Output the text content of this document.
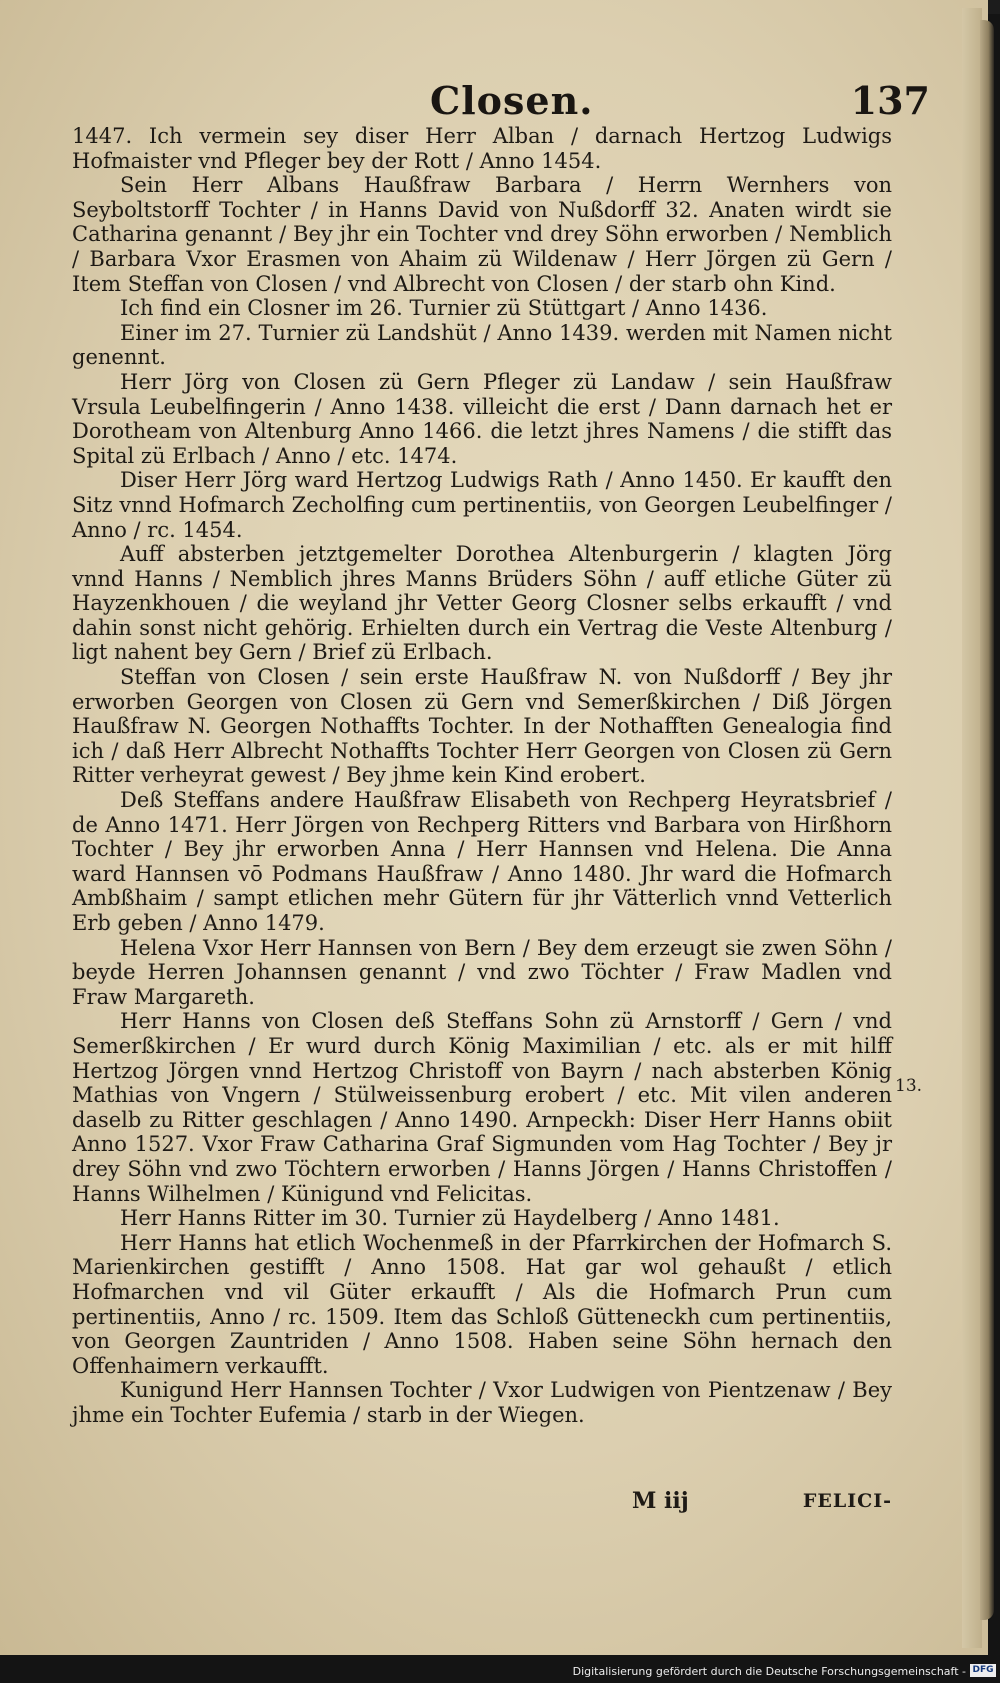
Closen.	137

1447. Ich vermein sey diser Herr Alban / darnach Hertzog Ludwigs Hofmaister vnd Pfleger bey der Rott / Anno 1454.

Sein Herr Albans Haußfraw Barbara / Herrn Wernhers von Seyboltstorff Tochter / in Hanns David von Nußdorff 32. Anaten wirdt sie Catharina genannt / Bey jhr ein Tochter vnd drey Söhn erworben / Nemblich / Barbara Vxor Erasmen von Ahaim zü Wildenaw / Herr Jörgen zü Gern / Item Steffan von Closen / vnd Albrecht von Closen / der starb ohn Kind.

Ich find ein Closner im 26. Turnier zü Stüttgart / Anno 1436.

Einer im 27. Turnier zü Landshüt / Anno 1439. werden mit Namen nicht genennt.

Herr Jörg von Closen zü Gern Pfleger zü Landaw / sein Haußfraw Vrsula Leubelfingerin / Anno 1438. villeicht die erst / Dann darnach het er Dorotheam von Altenburg Anno 1466. die letzt jhres Namens / die stifft das Spital zü Erlbach / Anno / etc. 1474.

Diser Herr Jörg ward Hertzog Ludwigs Rath / Anno 1450. Er kaufft den Sitz vnnd Hofmarch Zecholfing cum pertinentiis, von Georgen Leubelfinger / Anno / rc. 1454.

Auff absterben jetztgemelter Dorothea Altenburgerin / klagten Jörg vnnd Hanns / Nemblich jhres Manns Brüders Söhn / auff etliche Güter zü Hayzenkhouen / die weyland jhr Vetter Georg Closner selbs erkaufft / vnd dahin sonst nicht gehörig. Erhielten durch ein Vertrag die Veste Altenburg / ligt nahent bey Gern / Brief zü Erlbach.

Steffan von Closen / sein erste Haußfraw N. von Nußdorff / Bey jhr erworben Georgen von Closen zü Gern vnd Semerßkirchen / Diß Jörgen Haußfraw N. Georgen Nothaffts Tochter. In der Nothafften Genealogia find ich / daß Herr Albrecht Nothaffts Tochter Herr Georgen von Closen zü Gern Ritter verheyrat gewest / Bey jhme kein Kind erobert.

Deß Steffans andere Haußfraw Elisabeth von Rechperg Heyratsbrief / de Anno 1471. Herr Jörgen von Rechperg Ritters vnd Barbara von Hirßhorn Tochter / Bey jhr erworben Anna / Herr Hannsen vnd Helena. Die Anna ward Hannsen vō Podmans Haußfraw / Anno 1480. Jhr ward die Hofmarch Ambßhaim / sampt etlichen mehr Gütern für jhr Vätterlich vnnd Vetterlich Erb geben / Anno 1479.

Helena Vxor Herr Hannsen von Bern / Bey dem erzeugt sie zwen Söhn / beyde Herren Johannsen genannt / vnd zwo Töchter / Fraw Madlen vnd Fraw Margareth.

Herr Hanns von Closen deß Steffans Sohn zü Arnstorff / Gern / vnd Semerßkirchen / Er wurd durch König Maximilian / etc. als er mit hilff Hertzog Jörgen vnnd Hertzog Christoff von Bayrn / nach absterben König Mathias von Vngern / Stülweissenburg erobert / etc. Mit vilen anderen daselb zu Ritter geschlagen / Anno 1490. Arnpeckh: Diser Herr Hanns obiit Anno 1527. Vxor Fraw Catharina Graf Sigmunden vom Hag Tochter / Bey jr drey Söhn vnd zwo Töchtern erworben / Hanns Jörgen / Hanns Christoffen / Hanns Wilhelmen / Künigund vnd Felicitas.

Herr Hanns Ritter im 30. Turnier zü Haydelberg / Anno 1481.

Herr Hanns hat etlich Wochenmeß in der Pfarrkirchen der Hofmarch S. Marienkirchen gestifft / Anno 1508. Hat gar wol gehaußt / etlich Hofmarchen vnd vil Güter erkaufft / Als die Hofmarch Prun cum pertinentiis, Anno / rc. 1509. Item das Schloß Gütteneckh cum pertinentiis, von Georgen Zauntriden / Anno 1508. Haben seine Söhn hernach den Offenhaimern verkaufft.

Kunigund Herr Hannsen Tochter / Vxor Ludwigen von Pientzenaw / Bey jhme ein Tochter Eufemia / starb in der Wiegen.

13.
M iij	FELICI-
Digitalisierung gefördert durch die Deutsche Forschungsgemeinschaft - DFG
